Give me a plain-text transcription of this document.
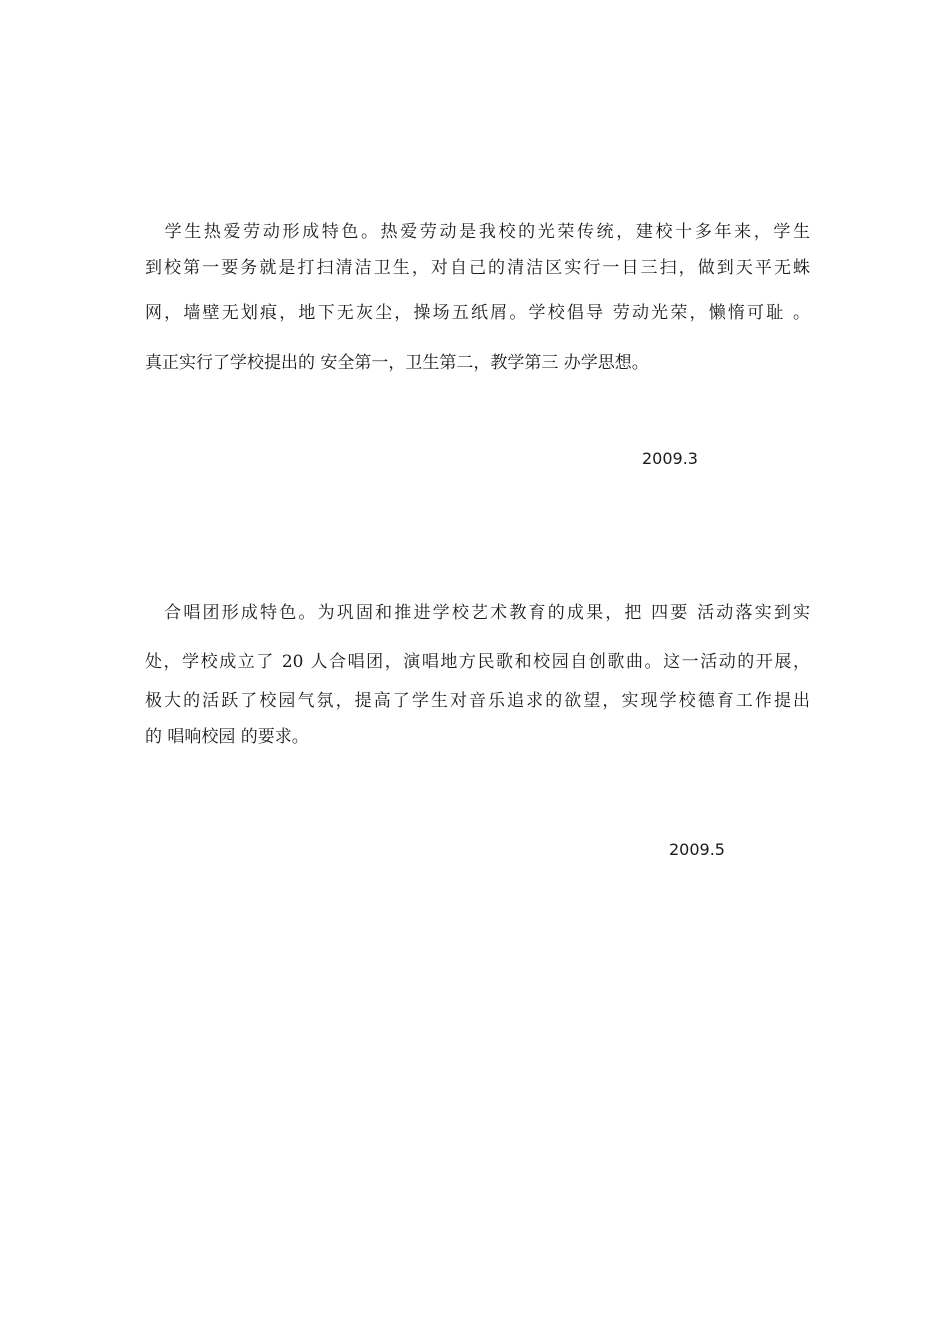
　学生热爱劳动形成特色。热爱劳动是我校的光荣传统，建校十多年来，学生
到校第一要务就是打扫清洁卫生，对自己的清洁区实行一日三扫，做到天平无蛛
网，墙壁无划痕，地下无灰尘，操场五纸屑。学校倡导 劳动光荣，懒惰可耻 。
真正实行了学校提出的 安全第一，卫生第二，教学第三 办学思想。
2009.3
　合唱团形成特色。为巩固和推进学校艺术教育的成果，把 四要 活动落实到实
处，学校成立了 20 人合唱团，演唱地方民歌和校园自创歌曲。这一活动的开展，
极大的活跃了校园气氛，提高了学生对音乐追求的欲望，实现学校德育工作提出
的 唱响校园 的要求。
2009.5
